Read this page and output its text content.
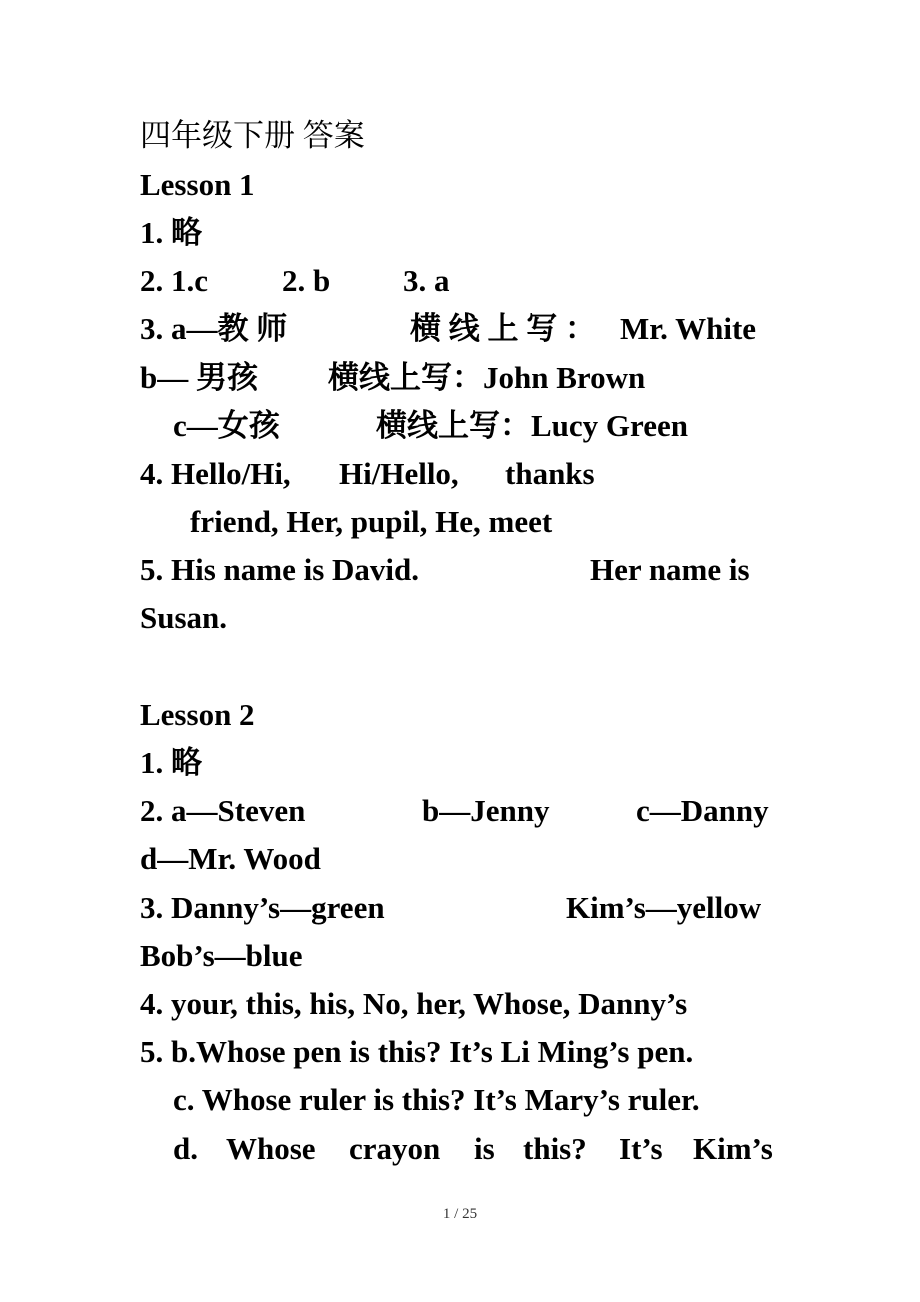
四年级下册 答案
Lesson 1
1. 略
2. 1.c 2. b 3. a
3. a—教 师	横 线 上 写 ： Mr. White
b— 男孩 横线上写：John Brown
c—女孩	横线上写：Lucy Green
4. Hello/Hi, Hi/Hello, thanks
friend, Her, pupil, He, meet
5. His name is David.	Her name is
Susan.
Lesson 2
1. 略
2. a—Steven	b—Jenny	c—Danny
d—Mr. Wood
3. Danny’s—green	Kim’s—yellow
Bob’s—blue
4. your, this, his, No, her, Whose, Danny’s
5. b.Whose pen is this? It’s Li Ming’s pen.
c. Whose ruler is this? It’s Mary’s ruler.
d. Whose crayon is this? It’s Kim’s
1 / 25
